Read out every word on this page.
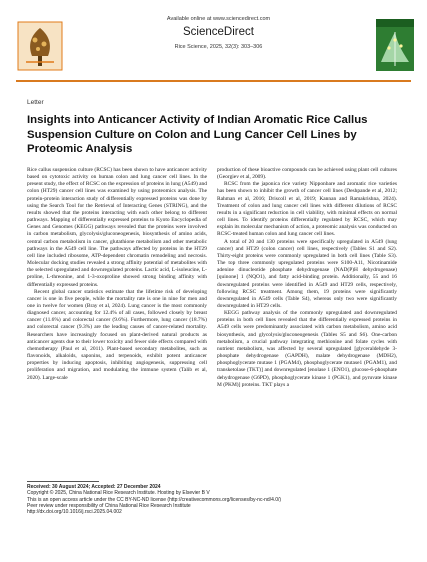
Available online at www.sciencedirect.com
ScienceDirect
Rice Science, 2025, 32(3): 303–306
Letter
Insights into Anticancer Activity of Indian Aromatic Rice Callus Suspension Culture on Colon and Lung Cancer Cell Lines by Proteomic Analysis

Rice callus suspension culture (RCSC) has been shown to have anticancer activity based on cytotoxic activity on human colon and lung cancer cell lines. In the present study, the effect of RCSC on the expression of proteins in lung (A549) and colon (HT29) cancer cell lines was examined by using proteomics analysis. The protein-protein interaction study of differentially expressed proteins was done by using the Search Tool for the Retrieval of Interacting Genes (STRING), and the results showed that the proteins interacting with each other belong to different pathways. Mapping of differentially expressed proteins to Kyoto Encyclopedia of Genes and Genomes (KEGG) pathways revealed that the proteins were involved in carbon metabolism, glycolysis/gluconeogenesis, biosynthesis of amino acids, central carbon metabolism in cancer, glutathione metabolism and other metabolic pathways in the A549 cell line. The pathways affected by proteins in the HT29 cell line included ribosome, ATP-dependent chromatin remodeling and necrosis. Molecular docking studies revealed a strong affinity potential of metabolites with the selected upregulated and downregulated proteins. Lactic acid, L-isoleucine, L-proline, L-threonine, and 1-3-oxoproline showed strong binding affinity with differentially expressed proteins.

Recent global cancer statistics estimate that the lifetime risk of developing cancer is one in five people, while the mortality rate is one in nine for men and one in twelve for women (Bray et al, 2024). Lung cancer is the most commonly diagnosed cancer, accounting for 12.4% of all cases, followed closely by breast cancer (11.6%) and colorectal cancer (9.6%). Furthermore, lung cancer (18.7%) and colorectal cancer (9.3%) are the leading causes of cancer-related mortality. Researchers have increasingly focused on plant-derived natural products as anticancer agents due to their lower toxicity and fewer side effects compared with chemotherapy (Paul et al, 2011). Plant-based secondary metabolites, such as flavonoids, alkaloids, saponins, and terpenoids, exhibit potent anticancer properties by inducing apoptosis, inhibiting angiogenesis, suppressing cell proliferation and migration, and modulating the immune system (Talib et al, 2020). Large-scale

production of these bioactive compounds can be achieved using plant cell cultures (Georgiev et al, 2009).

RCSC from the japonica rice variety Nipponbare and aromatic rice varieties has been shown to inhibit the growth of cancer cell lines (Deshpande et al, 2012; Rahman et al, 2016; Driscoll et al, 2019; Kannan and Ramakrishna, 2024). Treatment of colon and lung cancer cell lines with different dilutions of RCSC results in a significant reduction in cell viability, with minimal effects on normal cell lines. To identify proteins differentially regulated by RCSC, which may explain its molecular mechanism of action, a proteomic analysis was conducted on RCSC-treated human colon and lung cancer cell lines.

A total of 20 and 130 proteins were specifically upregulated in A549 (lung cancer) and HT29 (colon cancer) cell lines, respectively (Tables S1 and S2). Thirty-eight proteins were commonly upregulated in both cell lines (Table S3). The top three commonly upregulated proteins were S100-A11, Nicotinamide adenine dinucleotide phosphate dehydrogenase (NAD(P)H dehydrogenase) [quinone] 1 (NQO1), and fatty acid-binding protein. Additionally, 55 and 16 downregulated proteins were identified in A549 and HT29 cells, respectively, following RCSC treatment. Among them, 19 proteins were significantly downregulated in A549 cells (Table S4), whereas only two were significantly downregulated in HT29 cells.

KEGG pathway analysis of the commonly upregulated and downregulated proteins in both cell lines revealed that the differentially expressed proteins in A549 cells were predominantly associated with carbon metabolism, amino acid biosynthesis, and glycolysis/gluconeogenesis (Tables S5 and S6). One-carbon metabolism, a crucial pathway integrating methionine and folate cycles with nutrient metabolism, was affected by several upregulated [glyceraldehyde 3-phosphate dehydrogenase (GAPDH), malate dehydrogenase (MDH2), phosphoglycerate mutase 1 (PGAM4), phosphoglycerate mutase1 (PGAM1), and transketolase (TKT)] and downregulated [enolase 1 (ENO1), glucose-6-phosphate dehydrogenase (G6PD), phosphoglycerate kinase 1 (PGK1), and pyruvate kinase M (PKM)] proteins. TKT plays a

Received: 30 August 2024; Accepted: 27 December 2024
Copyright © 2025, China National Rice Research Institute. Hosting by Elsevier B V
This is an open access article under the CC BY-NC-ND license (http://creativecommons.org/licenses/by-nc-nd/4.0/)
Peer review under responsibility of China National Rice Research Institute
http://dx.doi.org/10.1016/j.rsci.2025.04.002
